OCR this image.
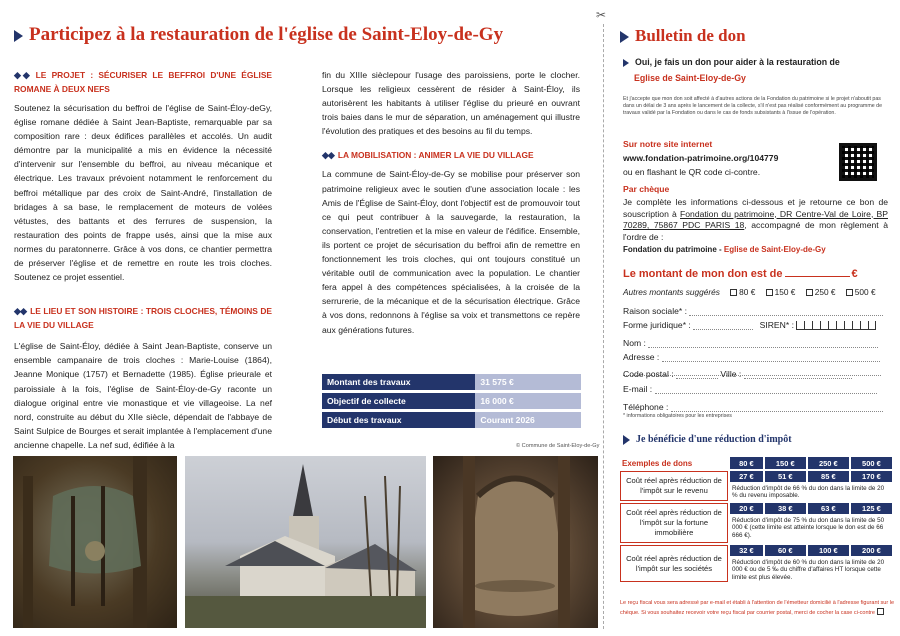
Participez à la restauration de l'église de Saint-Eloy-de-Gy
✂
◆◆ LE PROJET : SÉCURISER LE BEFFROI D'UNE ÉGLISE ROMANE À DEUX NEFS

Soutenez la sécurisation du beffroi de l'église de Saint-Éloy-deGy, église romane dédiée à Saint Jean-Baptiste, remarquable par sa composition rare : deux édifices parallèles et accolés. Un audit démontre par la municipalité a mis en évidence la nécessité d'intervenir sur l'ensemble du beffroi, au niveau mécanique et électrique. Les travaux prévoient notamment le renforcement du beffroi métallique par des croix de Saint-André, l'installation de bridages à sa base, le remplacement de moteurs de volées vétustes, des battants et des ferrures de suspension, la restauration des points de frappe usés, ainsi que la mise aux normes du paratonnerre. Grâce à vos dons, ce chantier permettra de préserver l'église et de remettre en route les trois cloches. Soutenez ce projet essentiel.

◆◆ LE LIEU ET SON HISTOIRE : TROIS CLOCHES, TÉMOINS DE LA VIE DU VILLAGE

L'église de Saint-Éloy, dédiée à Saint Jean-Baptiste, conserve un ensemble campanaire de trois cloches : Marie-Louise (1864), Jeanne Monique (1757) et Bernadette (1985). Église prieurale et paroissiale à la fois, l'église de Saint-Éloy-de-Gy raconte un dialogue original entre vie monastique et vie villageoise. La nef nord, construite au début du XIIe siècle, dépendait de l'abbaye de Saint Sulpice de Bourges et serait implantée à l'emplacement d'une ancienne chapelle. La nef sud, édifiée à la

fin du XIIIe sièclepour l'usage des paroissiens, porte le clocher. Lorsque les religieux cessèrent de résider à Saint-Éloy, ils autorisèrent les habitants à utiliser l'église du prieuré en ouvrant trois baies dans le mur de séparation, un aménagement qui illustre l'évolution des pratiques et des besoins au fil du temps.

◆◆ LA MOBILISATION : ANIMER LA VIE DU VILLAGE

La commune de Saint-Éloy-de-Gy se mobilise pour préserver son patrimoine religieux avec le soutien d'une association locale : les Amis de l'Église de Saint-Éloy, dont l'objectif est de promouvoir tout ce qui peut contribuer à la sauvegarde, la restauration, la conservation, l'entretien et la mise en valeur de l'édifice. Ensemble, ils portent ce projet de sécurisation du beffroi afin de remettre en fonctionnement les trois cloches, qui ont toujours constitué un véritable outil de communication avec la population. Le chantier fera appel à des compétences spécialisées, à la croisée de la serrurerie, de la mécanique et de la sécurisation électrique. Grâce à vos dons, redonnons à l'église sa voix et transmettons ce repère aux générations futures.

Montant des travaux	31 575 €
Objectif de collecte	16 000 €
Début des travaux	Courant 2026
© Commune de Saint-Eloy-de-Gy
Bulletin de don
Oui, je fais un don pour aider à la restauration de
Eglise de Saint-Eloy-de-Gy
Et j'accepte que mon don soit affecté à d'autres actions de la Fondation du patrimoine si le projet n'aboutit pas dans un délai de 3 ans après le lancement de la collecte, s'il n'est pas réalisé conformément au programme de travaux validé par la Fondation ou dans le cas de fonds subsistants à l'issue de l'opération.
Sur notre site internet
www.fondation-patrimoine.org/104779
ou en flashant le QR code ci-contre.
Par chèque
Je complète les informations ci-dessous et je retourne ce bon de souscription à Fondation du patrimoine, DR Centre-Val de Loire, BP 70289, 75867 PDC PARIS 18, accompagné de mon règlement à l'ordre de :
Fondation du patrimoine - Eglise de Saint-Eloy-de-Gy
Le montant de mon don est de	€
Autres montants suggérés 80 € 150 € 250 € 500 €
Raison sociale* :
Forme juridique* :	SIREN* :
Nom :
Adresse :
Code postal :	Ville :
E-mail :
Téléphone :
* informations obligatoires pour les entreprises
Je bénéficie d'une réduction d'impôt
Exemples de dons	80 €	150 €	250 €	500 €
Coût réel après réduction de l'impôt sur le revenu	27 €	51 €	85 €	170 €
	Réduction d'impôt de 66 % du don dans la limite de 20 % du revenu imposable.			
Coût réel après réduction de l'impôt sur la fortune immobilière	20 €	38 €	63 €	125 €
	Réduction d'impôt de 75 % du don dans la limite de 50 000 € (cette limite est atteinte lorsque le don est de 66 666 €).			
Coût réel après réduction de l'impôt sur les sociétés	32 €	60 €	100 €	200 €
	Réduction d'impôt de 60 % du don dans la limite de 20 000 € ou de 5 ‰ du chiffre d'affaires HT lorsque cette limite est plus élevée.			
Le reçu fiscal vous sera adressé par e-mail et établi à l'attention de l'émetteur domicilié à l'adresse figurant sur le chèque. Si vous souhaitez recevoir votre reçu fiscal par courrier postal, merci de cocher la case ci-contre
